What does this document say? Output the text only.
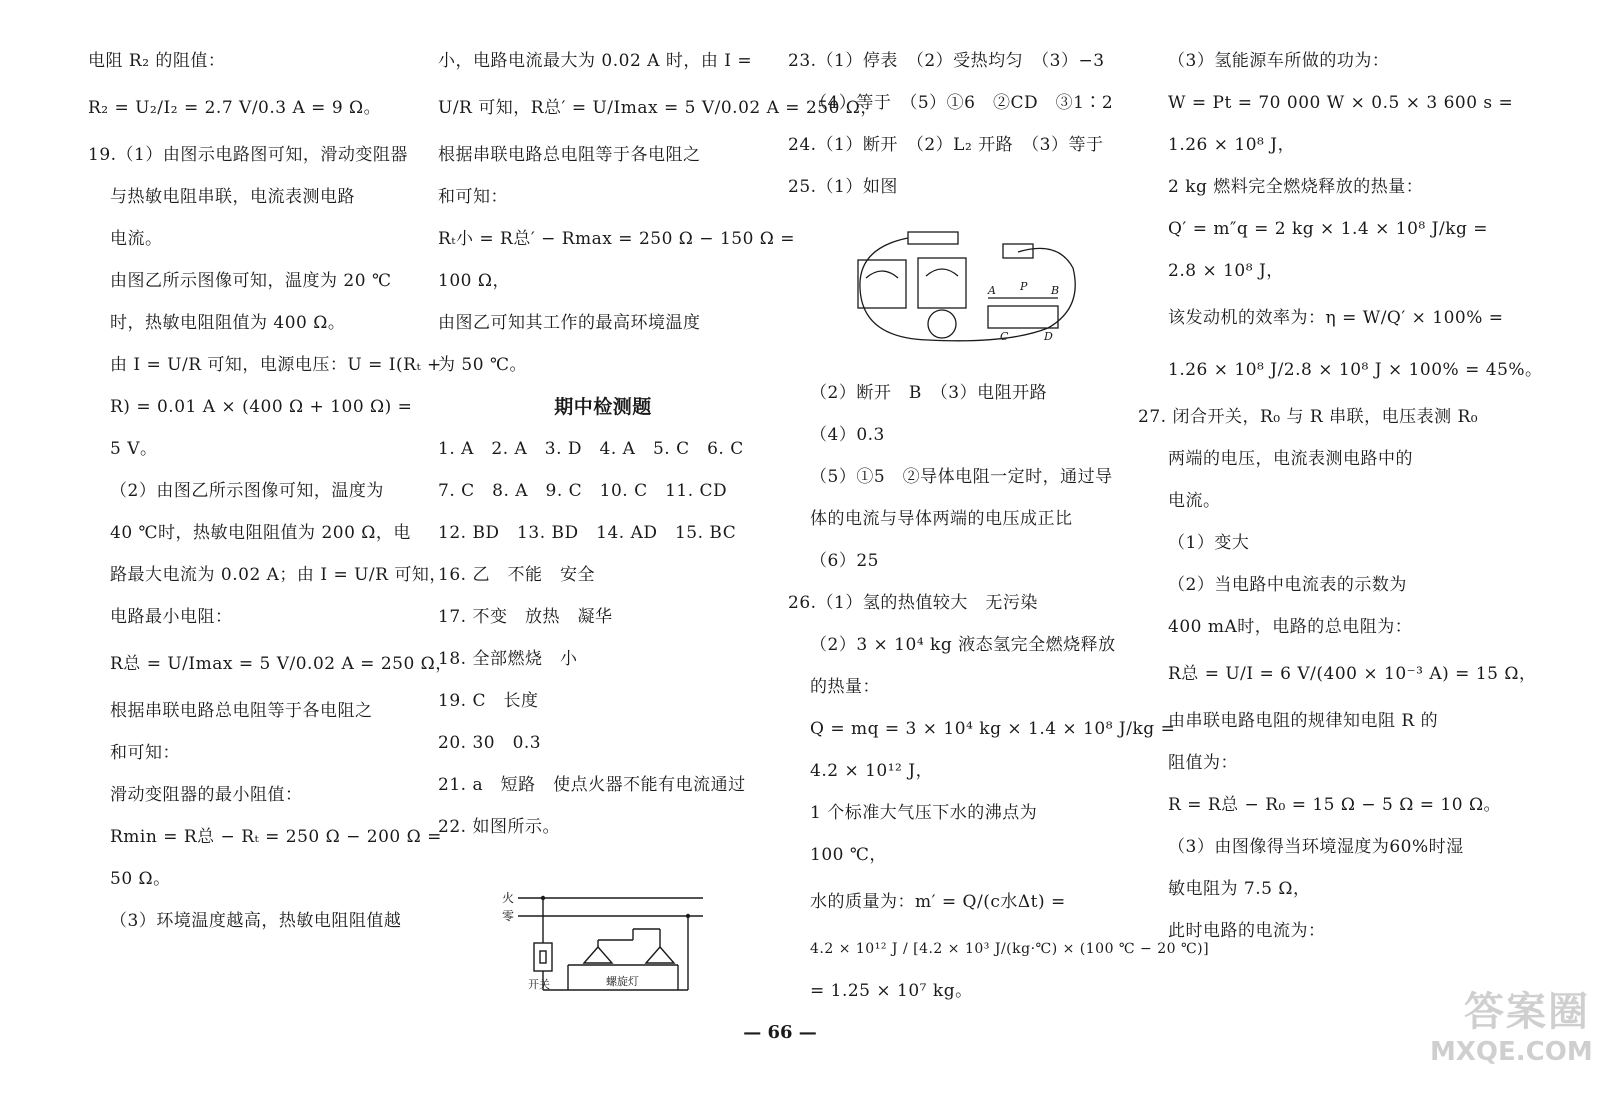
电阻 R₂ 的阻值：
R₂ = U₂/I₂ = 2.7 V/0.3 A = 9 Ω。
19.（1）由图示电路图可知，滑动变阻器
与热敏电阻串联，电流表测电路
电流。
由图乙所示图像可知，温度为 20 ℃
时，热敏电阻阻值为 400 Ω。
由 I = U/R 可知，电源电压：U = I(Rₜ +
R) = 0.01 A × (400 Ω + 100 Ω) =
5 V。
（2）由图乙所示图像可知，温度为
40 ℃时，热敏电阻阻值为 200 Ω，电
路最大电流为 0.02 A；由 I = U/R 可知，
电路最小电阻：
R总 = U/Imax = 5 V/0.02 A = 250 Ω，
根据串联电路总电阻等于各电阻之
和可知：
滑动变阻器的最小阻值：
Rmin = R总 − Rₜ = 250 Ω − 200 Ω =
50 Ω。
（3）环境温度越高，热敏电阻阻值越
小，电路电流最大为 0.02 A 时，由 I =
U/R 可知，R总′ = U/Imax = 5 V/0.02 A = 250 Ω，
根据串联电路总电阻等于各电阻之
和可知：
Rₜ小 = R总′ − Rmax = 250 Ω − 150 Ω =
100 Ω，
由图乙可知其工作的最高环境温度
为 50 ℃。
期中检测题
1. A　2. A　3. D　4. A　5. C　6. C
7. C　8. A　9. C　10. C　11. CD
12. BD　13. BD　14. AD　15. BC
16. 乙　不能　安全
17. 不变　放热　凝华
18. 全部燃烧　小
19. C　长度
20. 30　0.3
21. a　短路　使点火器不能有电流通过
22. 如图所示。
火
零
开关	螺旋灯
23.（1）停表　（2）受热均匀　（3）−3
（4）等于　（5）①6　②CD　③1∶2
24.（1）断开　（2）L₂ 开路　（3）等于
25.（1）如图
（2）断开　B　（3）电阻开路
（4）0.3
（5）①5　②导体电阻一定时，通过导
体的电流与导体两端的电压成正比
（6）25
26.（1）氢的热值较大　无污染
（2）3 × 10⁴ kg 液态氢完全燃烧释放
的热量：
Q = mq = 3 × 10⁴ kg × 1.4 × 10⁸ J/kg =
4.2 × 10¹² J，
1 个标准大气压下水的沸点为
100 ℃，
水的质量为：m′ = Q/(c水Δt) =
4.2 × 10¹² J / [4.2 × 10³ J/(kg·℃) × (100 ℃ − 20 ℃)]
= 1.25 × 10⁷ kg。
A P B
C	D
（3）氢能源车所做的功为：
W = Pt = 70 000 W × 0.5 × 3 600 s =
1.26 × 10⁸ J，
2 kg 燃料完全燃烧释放的热量：
Q′ = m″q = 2 kg × 1.4 × 10⁸ J/kg =
2.8 × 10⁸ J，
该发动机的效率为：η = W/Q′ × 100% =
1.26 × 10⁸ J/2.8 × 10⁸ J × 100% = 45%。
27. 闭合开关，R₀ 与 R 串联，电压表测 R₀
两端的电压，电流表测电路中的
电流。
（1）变大
（2）当电路中电流表的示数为
400 mA时，电路的总电阻为：
R总 = U/I = 6 V/(400 × 10⁻³ A) = 15 Ω，
由串联电路电阻的规律知电阻 R 的
阻值为：
R = R总 − R₀ = 15 Ω − 5 Ω = 10 Ω。
（3）由图像得当环境湿度为60%时湿
敏电阻为 7.5 Ω，
此时电路的电流为：
— 66 —	答案圈
MXQE.COM
